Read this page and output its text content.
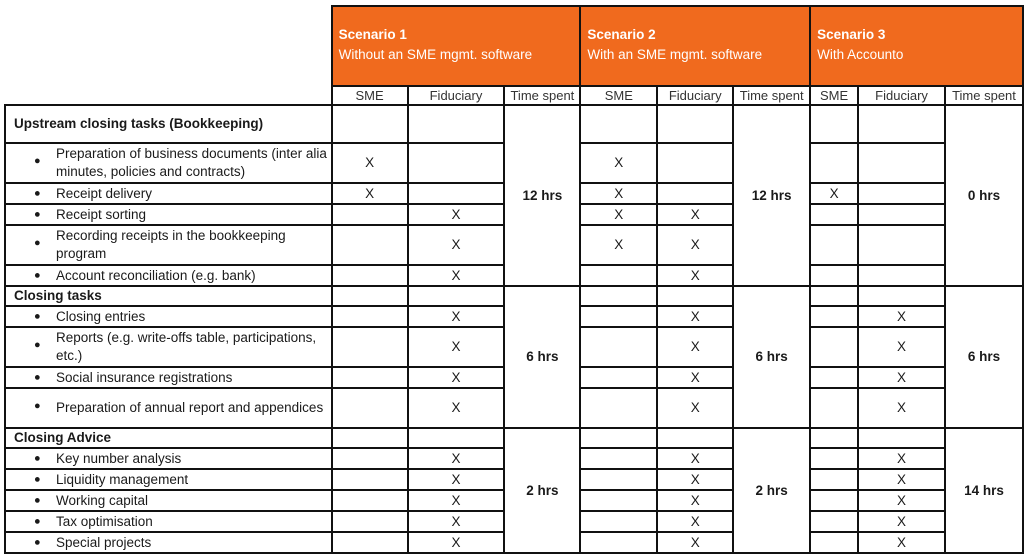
	Scenario 1
Without an SME mgmt. software			Scenario 2
With an SME mgmt. software			Scenario 3
With Accounto		
	SME	Fiduciary	Time spent	SME	Fiduciary	Time spent	SME	Fiduciary	Time spent
Upstream closing tasks (Bookkeeping)			12 hrs			12 hrs			0 hrs

● Preparation of business documents (inter alia minutes, policies and contracts)	X			X					

● Receipt delivery	X			X			X		

● Receipt sorting		X		X	X				

● Recording receipts in the bookkeeping program		X		X	X				

● Account reconciliation (e.g. bank)		X			X				
Closing tasks			6 hrs			6 hrs			6 hrs

● Closing entries		X			X			X	

● Reports (e.g. write-offs table, participations, etc.)		X			X			X	

● Social insurance registrations		X			X			X	

● Preparation of annual report and appendices		X			X			X	
Closing Advice			2 hrs			2 hrs			14 hrs

● Key number analysis		X			X			X	

● Liquidity management		X			X			X	

● Working capital		X			X			X	

● Tax optimisation		X			X			X	

● Special projects		X			X			X	
